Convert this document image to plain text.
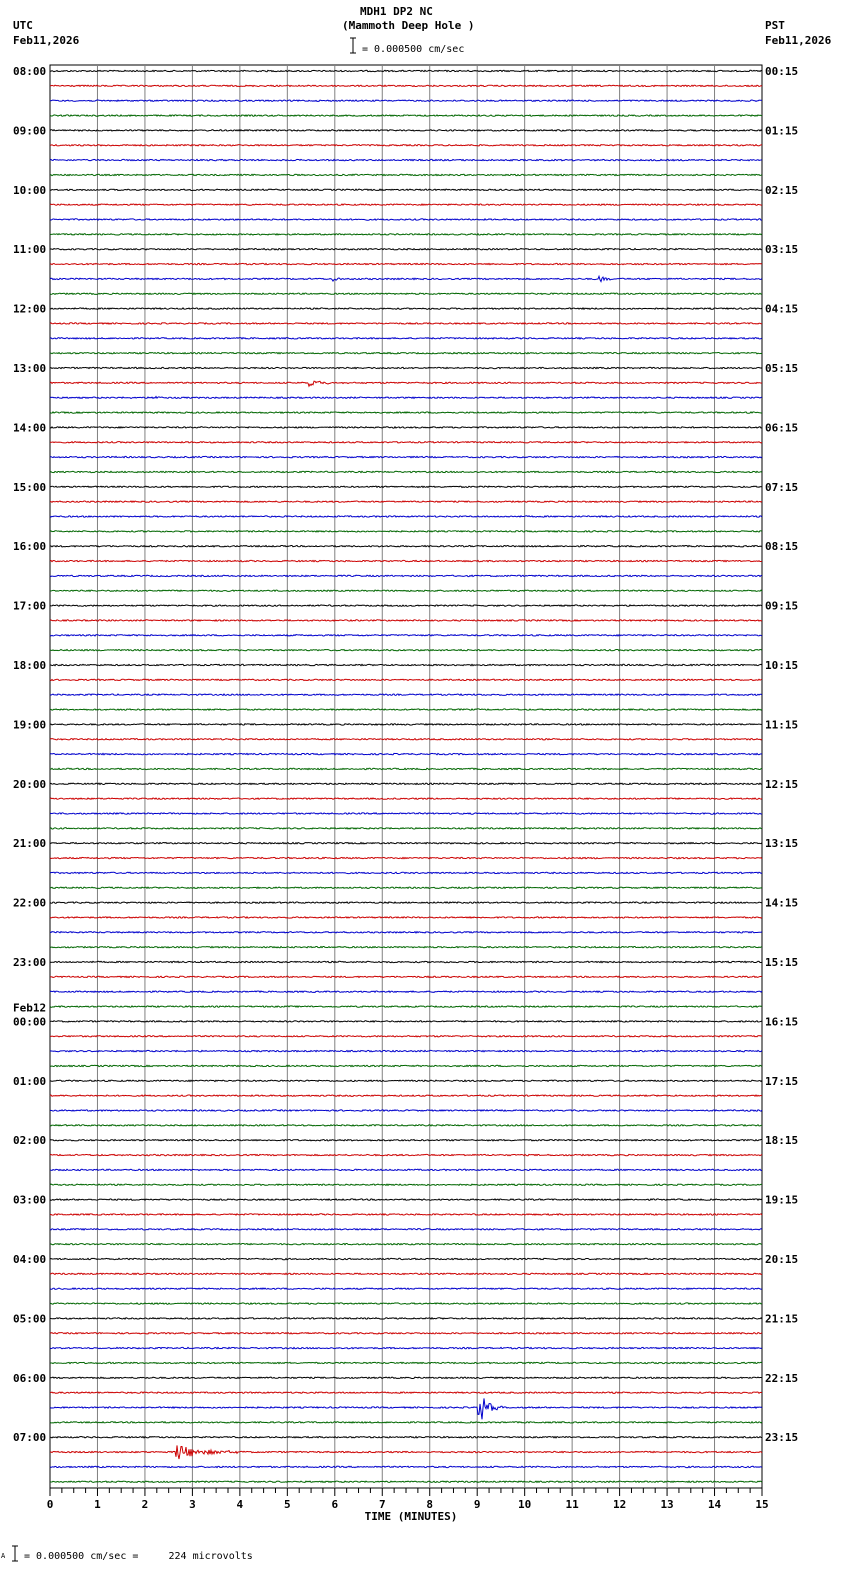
MDH1 DP2 NC
(Mammoth Deep Hole )
UTC
Feb11,2026
PST
Feb11,2026
= 0.000500 cm/sec
08:00
09:00
10:00
11:00
12:00
13:00
14:00
15:00
16:00
17:00
18:00
19:00
20:00
21:00
22:00
23:00
00:00
01:00
02:00
03:00
04:00
05:00
06:00
07:00
00:15
01:15
02:15
03:15
04:15
05:15
06:15
07:15
08:15
09:15
10:15
11:15
12:15
13:15
14:15
15:15
16:15
17:15
18:15
19:15
20:15
21:15
22:15
23:15
Feb12
0	1	2	3	4	5	6	7	8	9	10	11	12	13	14	15
TIME (MINUTES)
A = 0.000500 cm/sec =     224 microvolts
